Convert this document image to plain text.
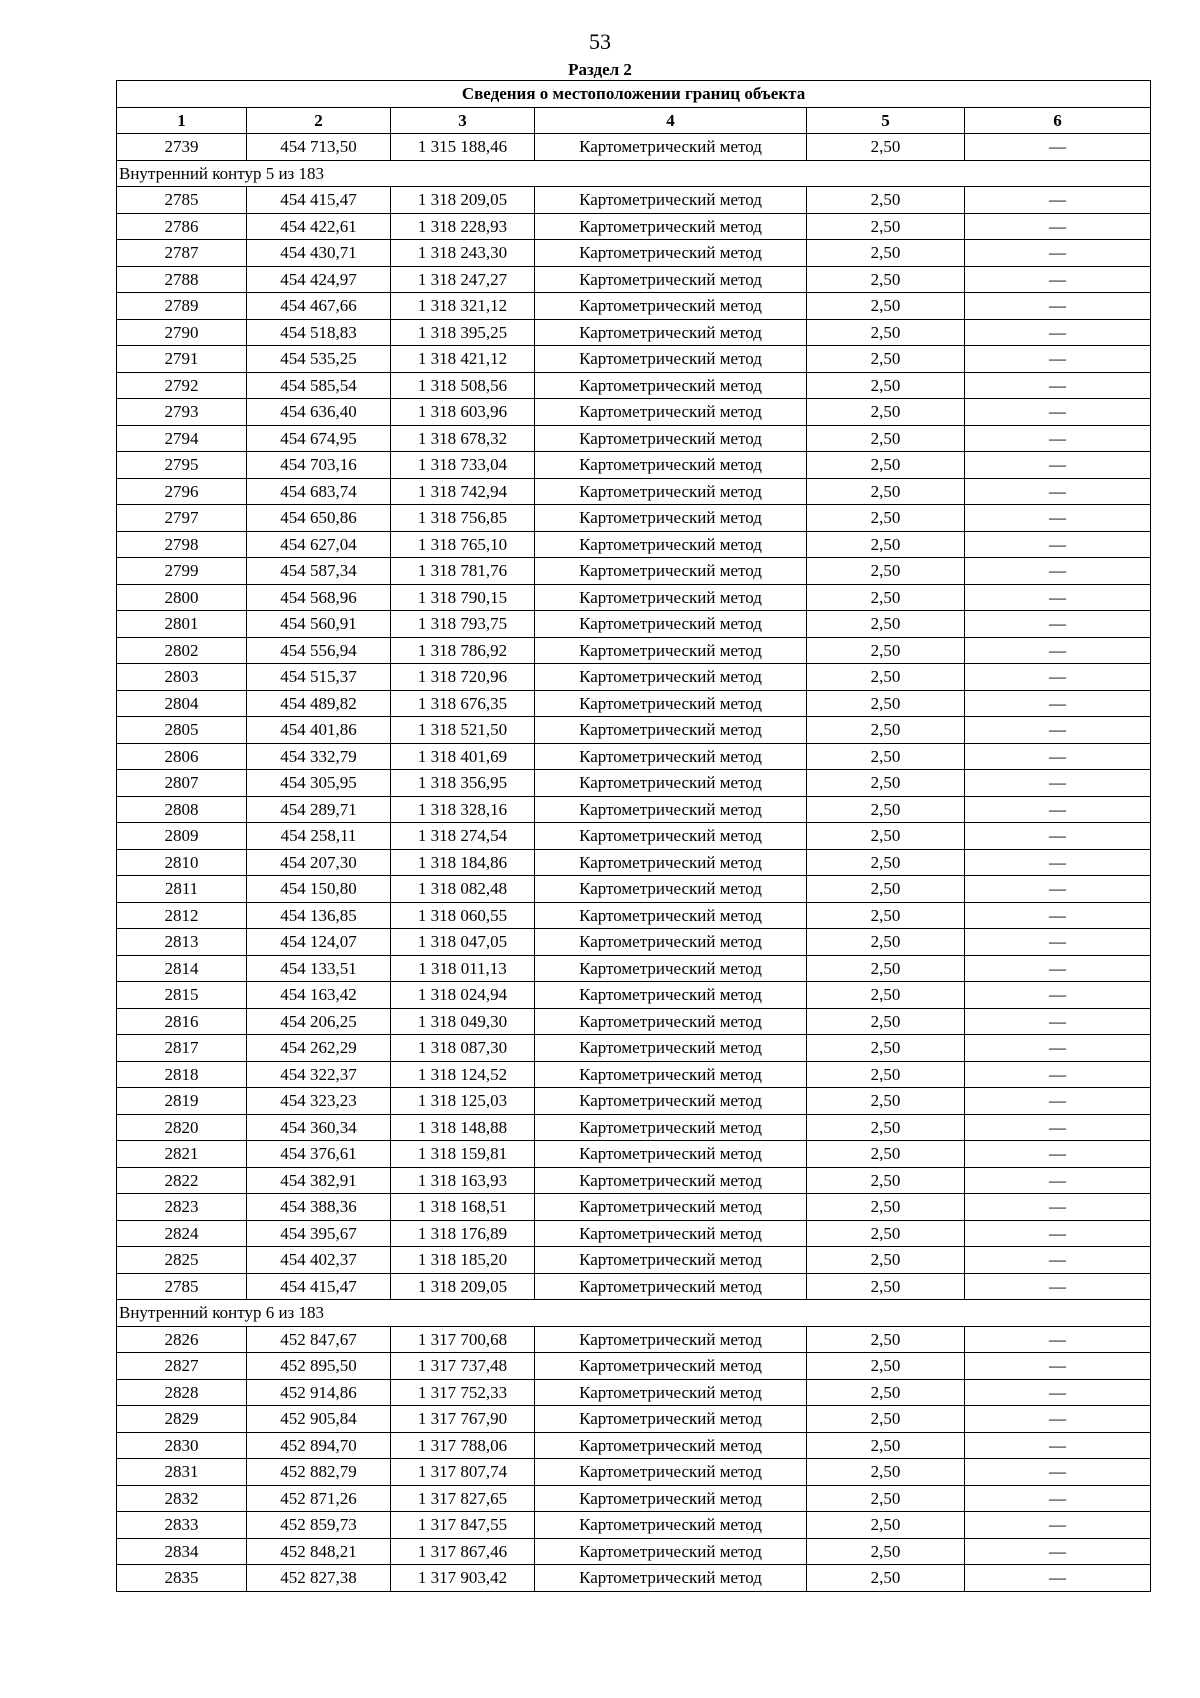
53
Раздел 2
Сведения о местоположении границ объекта					
1	2	3	4	5	6
2739	454 713,50	1 315 188,46	Картометрический метод	2,50	—
Внутренний контур 5 из 183					
2785	454 415,47	1 318 209,05	Картометрический метод	2,50	—
2786	454 422,61	1 318 228,93	Картометрический метод	2,50	—
2787	454 430,71	1 318 243,30	Картометрический метод	2,50	—
2788	454 424,97	1 318 247,27	Картометрический метод	2,50	—
2789	454 467,66	1 318 321,12	Картометрический метод	2,50	—
2790	454 518,83	1 318 395,25	Картометрический метод	2,50	—
2791	454 535,25	1 318 421,12	Картометрический метод	2,50	—
2792	454 585,54	1 318 508,56	Картометрический метод	2,50	—
2793	454 636,40	1 318 603,96	Картометрический метод	2,50	—
2794	454 674,95	1 318 678,32	Картометрический метод	2,50	—
2795	454 703,16	1 318 733,04	Картометрический метод	2,50	—
2796	454 683,74	1 318 742,94	Картометрический метод	2,50	—
2797	454 650,86	1 318 756,85	Картометрический метод	2,50	—
2798	454 627,04	1 318 765,10	Картометрический метод	2,50	—
2799	454 587,34	1 318 781,76	Картометрический метод	2,50	—
2800	454 568,96	1 318 790,15	Картометрический метод	2,50	—
2801	454 560,91	1 318 793,75	Картометрический метод	2,50	—
2802	454 556,94	1 318 786,92	Картометрический метод	2,50	—
2803	454 515,37	1 318 720,96	Картометрический метод	2,50	—
2804	454 489,82	1 318 676,35	Картометрический метод	2,50	—
2805	454 401,86	1 318 521,50	Картометрический метод	2,50	—
2806	454 332,79	1 318 401,69	Картометрический метод	2,50	—
2807	454 305,95	1 318 356,95	Картометрический метод	2,50	—
2808	454 289,71	1 318 328,16	Картометрический метод	2,50	—
2809	454 258,11	1 318 274,54	Картометрический метод	2,50	—
2810	454 207,30	1 318 184,86	Картометрический метод	2,50	—
2811	454 150,80	1 318 082,48	Картометрический метод	2,50	—
2812	454 136,85	1 318 060,55	Картометрический метод	2,50	—
2813	454 124,07	1 318 047,05	Картометрический метод	2,50	—
2814	454 133,51	1 318 011,13	Картометрический метод	2,50	—
2815	454 163,42	1 318 024,94	Картометрический метод	2,50	—
2816	454 206,25	1 318 049,30	Картометрический метод	2,50	—
2817	454 262,29	1 318 087,30	Картометрический метод	2,50	—
2818	454 322,37	1 318 124,52	Картометрический метод	2,50	—
2819	454 323,23	1 318 125,03	Картометрический метод	2,50	—
2820	454 360,34	1 318 148,88	Картометрический метод	2,50	—
2821	454 376,61	1 318 159,81	Картометрический метод	2,50	—
2822	454 382,91	1 318 163,93	Картометрический метод	2,50	—
2823	454 388,36	1 318 168,51	Картометрический метод	2,50	—
2824	454 395,67	1 318 176,89	Картометрический метод	2,50	—
2825	454 402,37	1 318 185,20	Картометрический метод	2,50	—
2785	454 415,47	1 318 209,05	Картометрический метод	2,50	—
Внутренний контур 6 из 183					
2826	452 847,67	1 317 700,68	Картометрический метод	2,50	—
2827	452 895,50	1 317 737,48	Картометрический метод	2,50	—
2828	452 914,86	1 317 752,33	Картометрический метод	2,50	—
2829	452 905,84	1 317 767,90	Картометрический метод	2,50	—
2830	452 894,70	1 317 788,06	Картометрический метод	2,50	—
2831	452 882,79	1 317 807,74	Картометрический метод	2,50	—
2832	452 871,26	1 317 827,65	Картометрический метод	2,50	—
2833	452 859,73	1 317 847,55	Картометрический метод	2,50	—
2834	452 848,21	1 317 867,46	Картометрический метод	2,50	—
2835	452 827,38	1 317 903,42	Картометрический метод	2,50	—
